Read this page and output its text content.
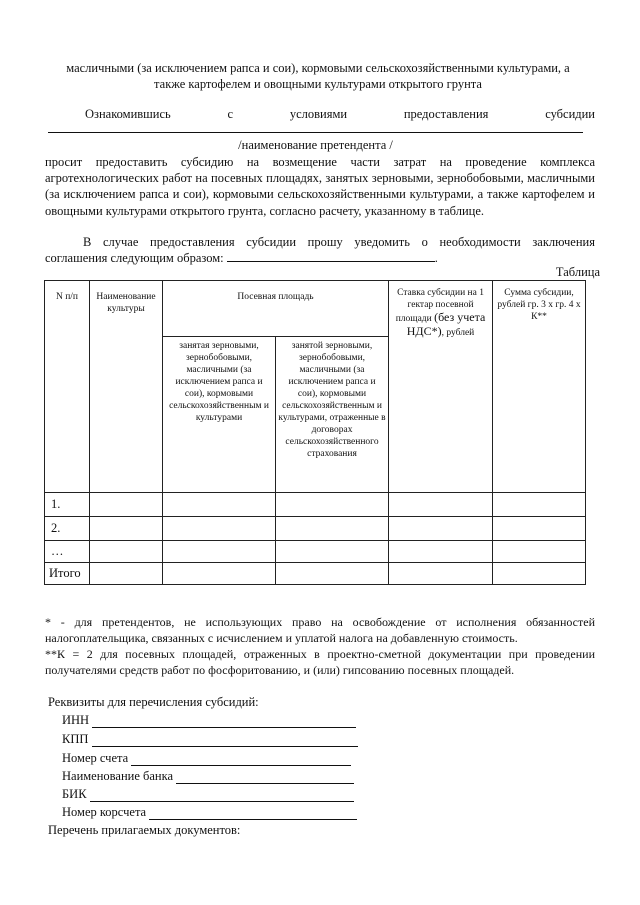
масличными (за исключением рапса и сои), кормовыми сельскохозяйственными культурами, а
также картофелем и овощными культурами открытого грунта
Ознакомившись	с	условиями	предоставления	субсидии
/наименование претендента /
просит предоставить субсидию на возмещение части затрат на проведение комплекса агротехнологических работ на посевных площадях, занятых зерновыми, зернобобовыми, масличными (за исключением рапса и сои), кормовыми сельскохозяйственными культурами, а также картофелем и овощными культурами открытого грунта, согласно расчету, указанному в таблице.
В случае предоставления субсидии прошу уведомить о необходимости заключения
соглашения следующим образом:	.
Таблица
N п/п	Наименование культуры	Посевная площадь		Ставка субсидии на 1 гектар посевной площади (без учета НДС*), рублей	Сумма субсидии, рублей гр. 3 х гр. 4 х К**
		занятая зерновыми, зернобобовыми, масличными (за исключением рапса и сои), кормовыми сельскохозяйственным и культурами	занятой зерновыми, зернобобовыми, масличными (за исключением рапса и сои), кормовыми сельскохозяйственным и культурами, отраженные в договорах сельскохозяйственного страхования		
1.					
2.					
…					
Итого					
* - для претендентов, не использующих право на освобождение от исполнения обязанностей налогоплательщика, связанных с исчислением и уплатой налога на добавленную стоимость.
**К = 2 для посевных площадей, отраженных в проектно-сметной документации при проведении получателями средств работ по фосфоритованию, и (или) гипсованию посевных площадей.
Реквизиты для перечисления субсидий:
ИНН
КПП
Номер счета
Наименование банка
БИК
Номер корсчета
Перечень прилагаемых документов:
